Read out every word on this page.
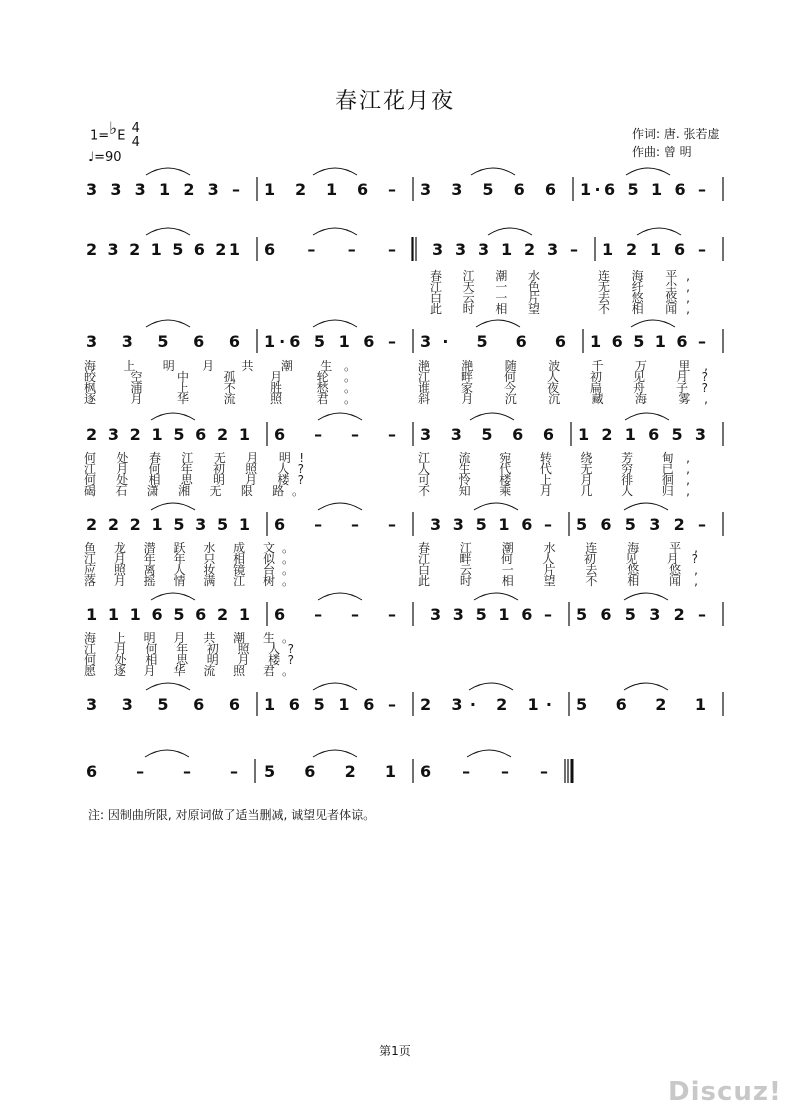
春江花月夜
1=♭E 4
4
♩=90
作词: 唐. 张若虚
作曲: 曾 明
3 3 3 1 2 3 – 1 2 1 6 – 3 3 5 6 6 1·6 5 1 6 –
2 3 2 1 5 6 21 6 – – – 3 3 3 1 2 3 – 1 2 1 6 –
3 3 5 6 6 1·6 5 1 6 – 3· 5 6 6 1 6 5 1 6 –
2 3 2 1 5 6 2 1 6 – – – 3 3 5 6 6 1 2 1 6 5 3
2 2 2 1 5 3 5 1 6 – – – 3 3 5 1 6 – 5 6 5 3 2 –
1 1 1 6 5 6 2 1 6 – – – 3 3 5 1 6 – 5 6 5 3 2 –
3 3 5 6 6 1 6 5 1 6 – 2 3· 2 1· 5 6 2 1
6 – – – 5 6 2 1 6 – – –
春 江 潮 水
江 天 一 色
白 云 一 片
此 时 相 望
连 海 平,
无 纤 尘,
去 悠 悠,
不 相 闻,
海 上 明 月 共 潮 生。
皎 空 中 孤 月 轮。
枫 浦 上 不 胜 愁。
逐 月 华 流 照 君。
滟 滟 随 波 千 万 里,
江 畔 何 人 初 见 月?
谁 家 今 夜 扁 舟 子?
斜 月 沉 沉 藏 海 雾,
何 处 春 江 无 月 明!
江 月 何 年 初 照 人?
何 处 相 思 明 月 楼?
碣 石 潇 湘 无 限 路。
江 流 宛 转 绕 芳 甸,
人 生 代 代 无 穷 已,
可 怜 楼 上 月 徘 徊,
不 知 乘 月 几 人 归,
鱼 龙 潜 跃 水 成 文。
江 月 年 年 只 相 似。
应 照 离 人 妆 镜 台。
落 月 摇 情 满 江 树。
春 江 潮 水 连 海 平,
江 畔 何 人 初 见 月?
白 云 一 片 去 悠 悠,
此 时 相 望 不 相 闻,
海 上 明 月 共 潮 生。
江 月 何 年 初 照 人?
何 处 相 思 明 月 楼?
愿 逐 月 华 流 照 君。
注: 因制曲所限, 对原词做了适当删减, 诚望见者体谅。
第1页
Discuz!
